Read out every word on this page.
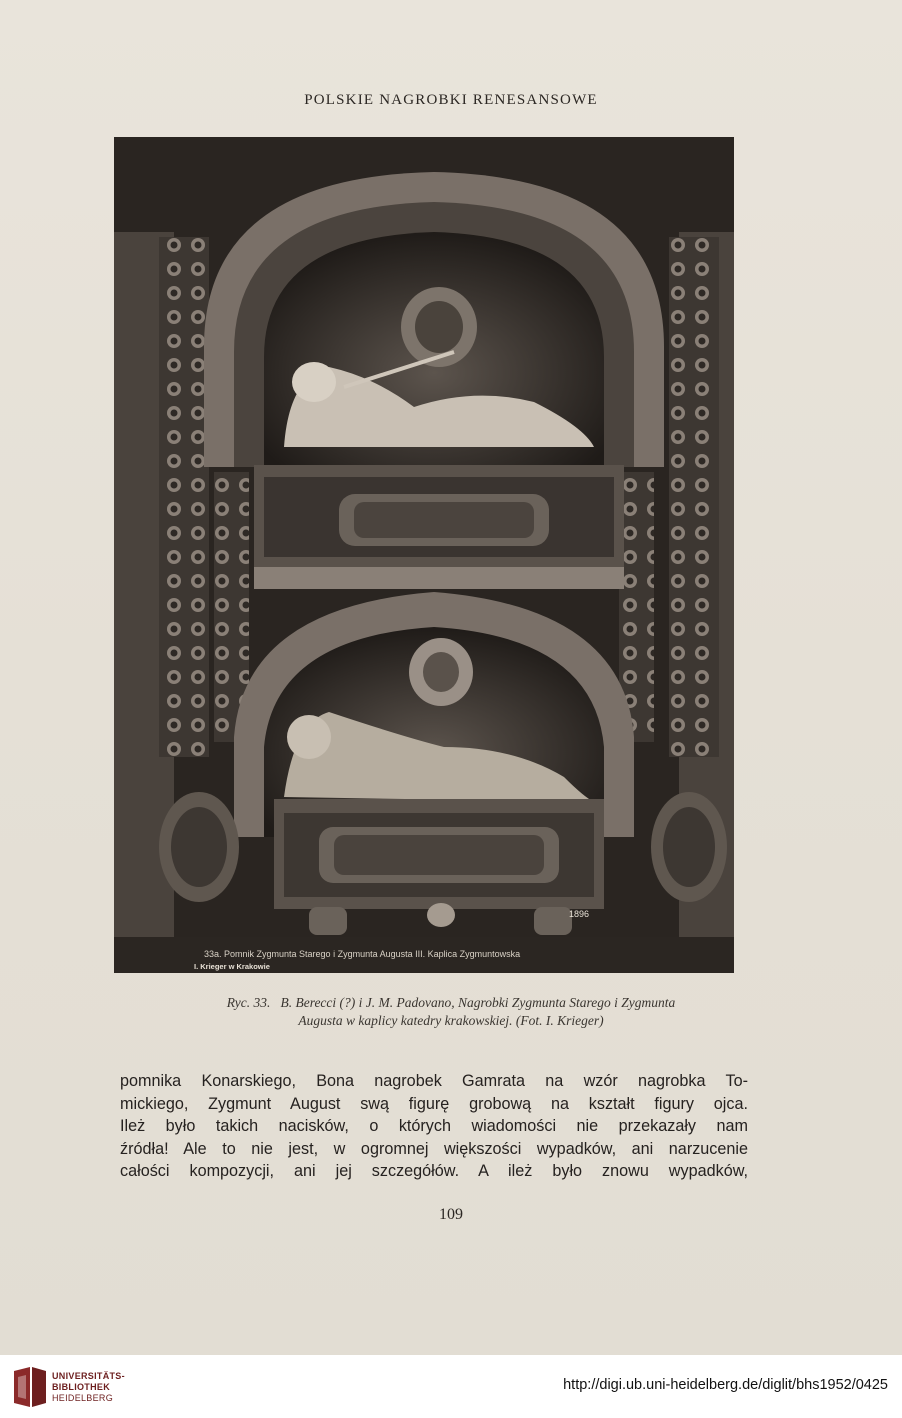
POLSKIE NAGROBKI RENESANSOWE
1896
33a. Pomnik Zygmunta Starego i Zygmunta Augusta III. Kaplica Zygmuntowska
I. Krieger w Krakowie
Ryc. 33.   B. Berecci (?) i J. M. Padovano, Nagrobki Zygmunta Starego i Zygmunta
Augusta w kaplicy katedry krakowskiej. (Fot. I. Krieger)
pomnika Konarskiego, Bona nagrobek Gamrata na wzór nagrobka To-
mickiego, Zygmunt August swą figurę grobową na kształt figury ojca.
Ileż było takich nacisków, o których wiadomości nie przekazały nam
źródła! Ale to nie jest, w ogromnej większości wypadków, ani narzucenie
całości kompozycji, ani jej szczegółów. A ileż było znowu wypadków,
109
UNIVERSITÄTS-
BIBLIOTHEK
HEIDELBERG
http://digi.ub.uni-heidelberg.de/diglit/bhs1952/0425
